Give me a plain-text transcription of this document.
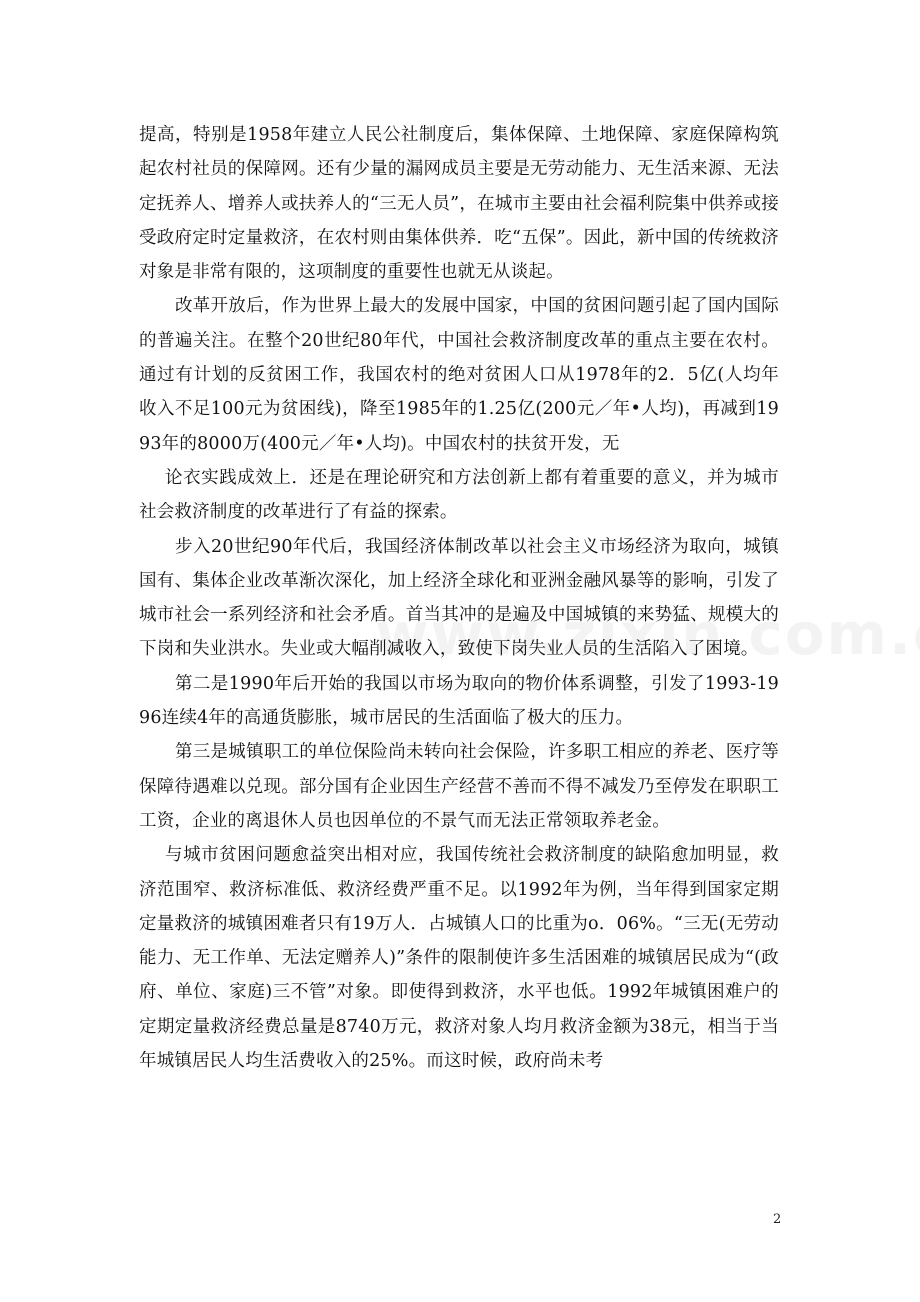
提高，特别是1958年建立人民公社制度后，集体保障、土地保障、家庭保障构筑起农村社员的保障网。还有少量的漏网成员主要是无劳动能力、无生活来源、无法定抚养人、增养人或扶养人的“三无人员”，在城市主要由社会福利院集中供养或接受政府定时定量救济，在农村则由集体供养．吃“五保”。因此，新中国的传统救济对象是非常有限的，这项制度的重要性也就无从谈起。

改革开放后，作为世界上最大的发展中国家，中国的贫困问题引起了国内国际的普遍关注。在整个20世纪80年代，中国社会救济制度改革的重点主要在农村。通过有计划的反贫困工作，我国农村的绝对贫困人口从1978年的2．5亿(人均年收入不足100元为贫困线)，降至1985年的1.25亿(200元／年•人均)，再减到1993年的8000万(400元／年•人均)。中国农村的扶贫开发，无

论衣实践成效上．还是在理论研究和方法创新上都有着重要的意义，并为城市社会救济制度的改革进行了有益的探索。

步入20世纪90年代后，我国经济体制改革以社会主义市场经济为取向，城镇国有、集体企业改革渐次深化，加上经济全球化和亚洲金融风暴等的影响，引发了城市社会一系列经济和社会矛盾。首当其冲的是遍及中国城镇的来势猛、规模大的下岗和失业洪水。失业或大幅削减收入，致使下岗失业人员的生活陷入了困境。

第二是1990年后开始的我国以市场为取向的物价体系调整，引发了1993-1996连续4年的高通货膨胀，城市居民的生活面临了极大的压力。

第三是城镇职工的单位保险尚未转向社会保险，许多职工相应的养老、医疗等保障待遇难以兑现。部分国有企业因生产经营不善而不得不减发乃至停发在职职工工资，企业的离退休人员也因单位的不景气而无法正常领取养老金。

与城市贫困问题愈益突出相对应，我国传统社会救济制度的缺陷愈加明显，救济范围窄、救济标准低、救济经费严重不足。以1992年为例，当年得到国家定期定量救济的城镇困难者只有19万人．占城镇人口的比重为o．06%。“三无(无劳动能力、无工作单、无法定赠养人)”条件的限制使许多生活困难的城镇居民成为“(政府、单位、家庭)三不管”对象。即使得到救济，水平也低。1992年城镇困难户的定期定量救济经费总量是8740万元，救济对象人均月救济金额为38元，相当于当年城镇居民人均生活费收入的25%。而这时候，政府尚未考

2
